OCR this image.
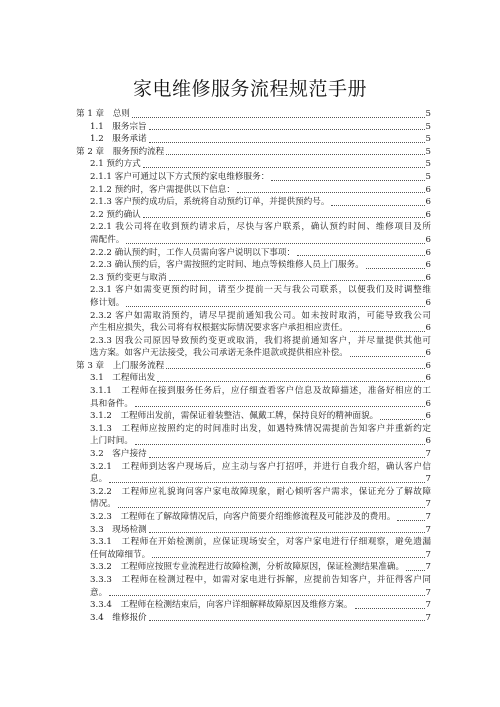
家电维修服务流程规范手册
第 1 章　总则	5
1.1　服务宗旨	5
1.2　服务承诺	5
第 2 章　服务预约流程	5
2.1 预约方式	5
2.1.1 客户可通过以下方式预约家电维修服务：	5
2.1.2 预约时，客户需提供以下信息：	6
2.1.3 客户预约成功后，系统将自动预约订单，并提供预约号。	6
2.2 预约确认	6
2.2.1 我公司将在收到预约请求后，尽快与客户联系，确认预约时间、维修项目及所
需配件。	6
2.2.2 确认预约时，工作人员需向客户说明以下事项：	6
2.2.3 确认预约后，客户需按照约定时间、地点等候维修人员上门服务。	6
2.3 预约变更与取消	6
2.3.1 客户如需变更预约时间，请至少提前一天与我公司联系，以便我们及时调整维
修计划。	6
2.3.2 客户如需取消预约，请尽早提前通知我公司。如未按时取消，可能导致我公司
产生相应损失，我公司将有权根据实际情况要求客户承担相应责任。	6
2.3.3 因我公司原因导致预约变更或取消，我们将提前通知客户，并尽量提供其他可
选方案。如客户无法接受，我公司承诺无条件退款或提供相应补偿。	6
第 3 章　上门服务流程	6
3.1　工程师出发	6
3.1.1　工程师在接到服务任务后，应仔细查看客户信息及故障描述，准备好相应的工
具和备件。	6
3.1.2　工程师出发前，需保证着装整洁、佩戴工牌，保持良好的精神面貌。	6
3.1.3　工程师应按照约定的时间准时出发，如遇特殊情况需提前告知客户并重新约定
上门时间。	6
3.2　客户接待	7
3.2.1　工程师到达客户现场后，应主动与客户打招呼，并进行自我介绍，确认客户信
息。	7
3.2.2　工程师应礼貌询问客户家电故障现象，耐心倾听客户需求，保证充分了解故障
情况。	7
3.2.3　工程师在了解故障情况后，向客户简要介绍维修流程及可能涉及的费用。	7
3.3　现场检测	7
3.3.1　工程师在开始检测前，应保证现场安全，对客户家电进行仔细观察，避免遗漏
任何故障细节。	7
3.3.2　工程师应按照专业流程进行故障检测，分析故障原因，保证检测结果准确。 7
3.3.3　工程师在检测过程中，如需对家电进行拆解，应提前告知客户，并征得客户同
意。	7
3.3.4　工程师在检测结束后，向客户详细解释故障原因及维修方案。	7
3.4　维修报价	7
